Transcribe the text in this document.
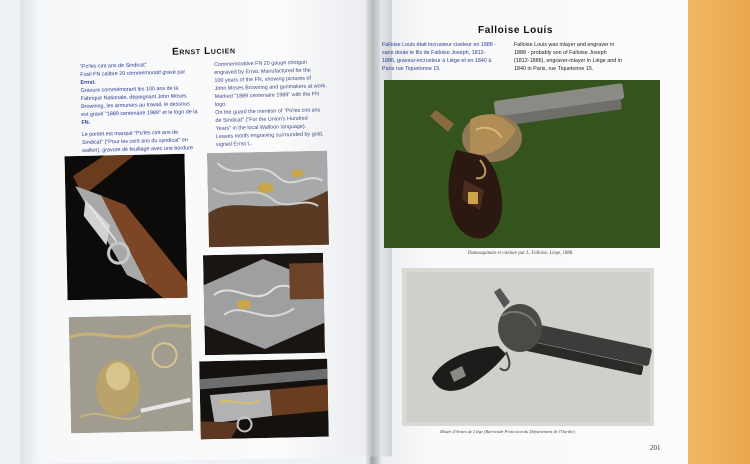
Ernst Lucien
"Po'les cint ans de Sindicat"
Fusil FN calibre 20 commemoratif gravé par
Ernst.
Gravure commémorant les 100 ans de la
Fabrique Nationale, dépeignant John Moses
Browning, les armuriers au travail, le dessous
est gravé "1889 centenaire 1989" et le logo de la
FN.
Le pontet est marqué "Po'les cint ans de
Sindicat" ("Pour les cent ans du syndicat" en
wallon), gravure de feuillage avec une bordure
Commemorative FN 20 gauge shotgun
engraved by Ernst. Manufactured for the
100 years of the FN, showing pictures of
John Moses Browning and gunmakers at work.
Marked "1889 centenaire 1989" with the FN
logo.
On the guard the mention of "Po'les cint ans
de Sindicat" ("For the Union's Hundred
Years" in the local Walloon language).
Leaves motifs engraving surrounded by gold,
signed Ernst L.
Falloise Louis
Falloise Louis était incrusteur ciseleur en 1888 -
sans doute le fils de Falloise Joseph, 1812-
1886, graveur-incrusteur à Liège et en 1840 à
Paris rue Tiquetonne 15.
Falloise Louis was inlayer and engraver in
1888 - probably son of Falloise Joseph
(1812-1886), engraver-inlayer in Liège and in
1840 in Paris, rue Tiquetonne 15.
Damasquinure et ciselure par L. Falloise, Liège, 1888.
Musée d'Armes de Liège (Barricade Protection du Département de l'Ourthe).
201
